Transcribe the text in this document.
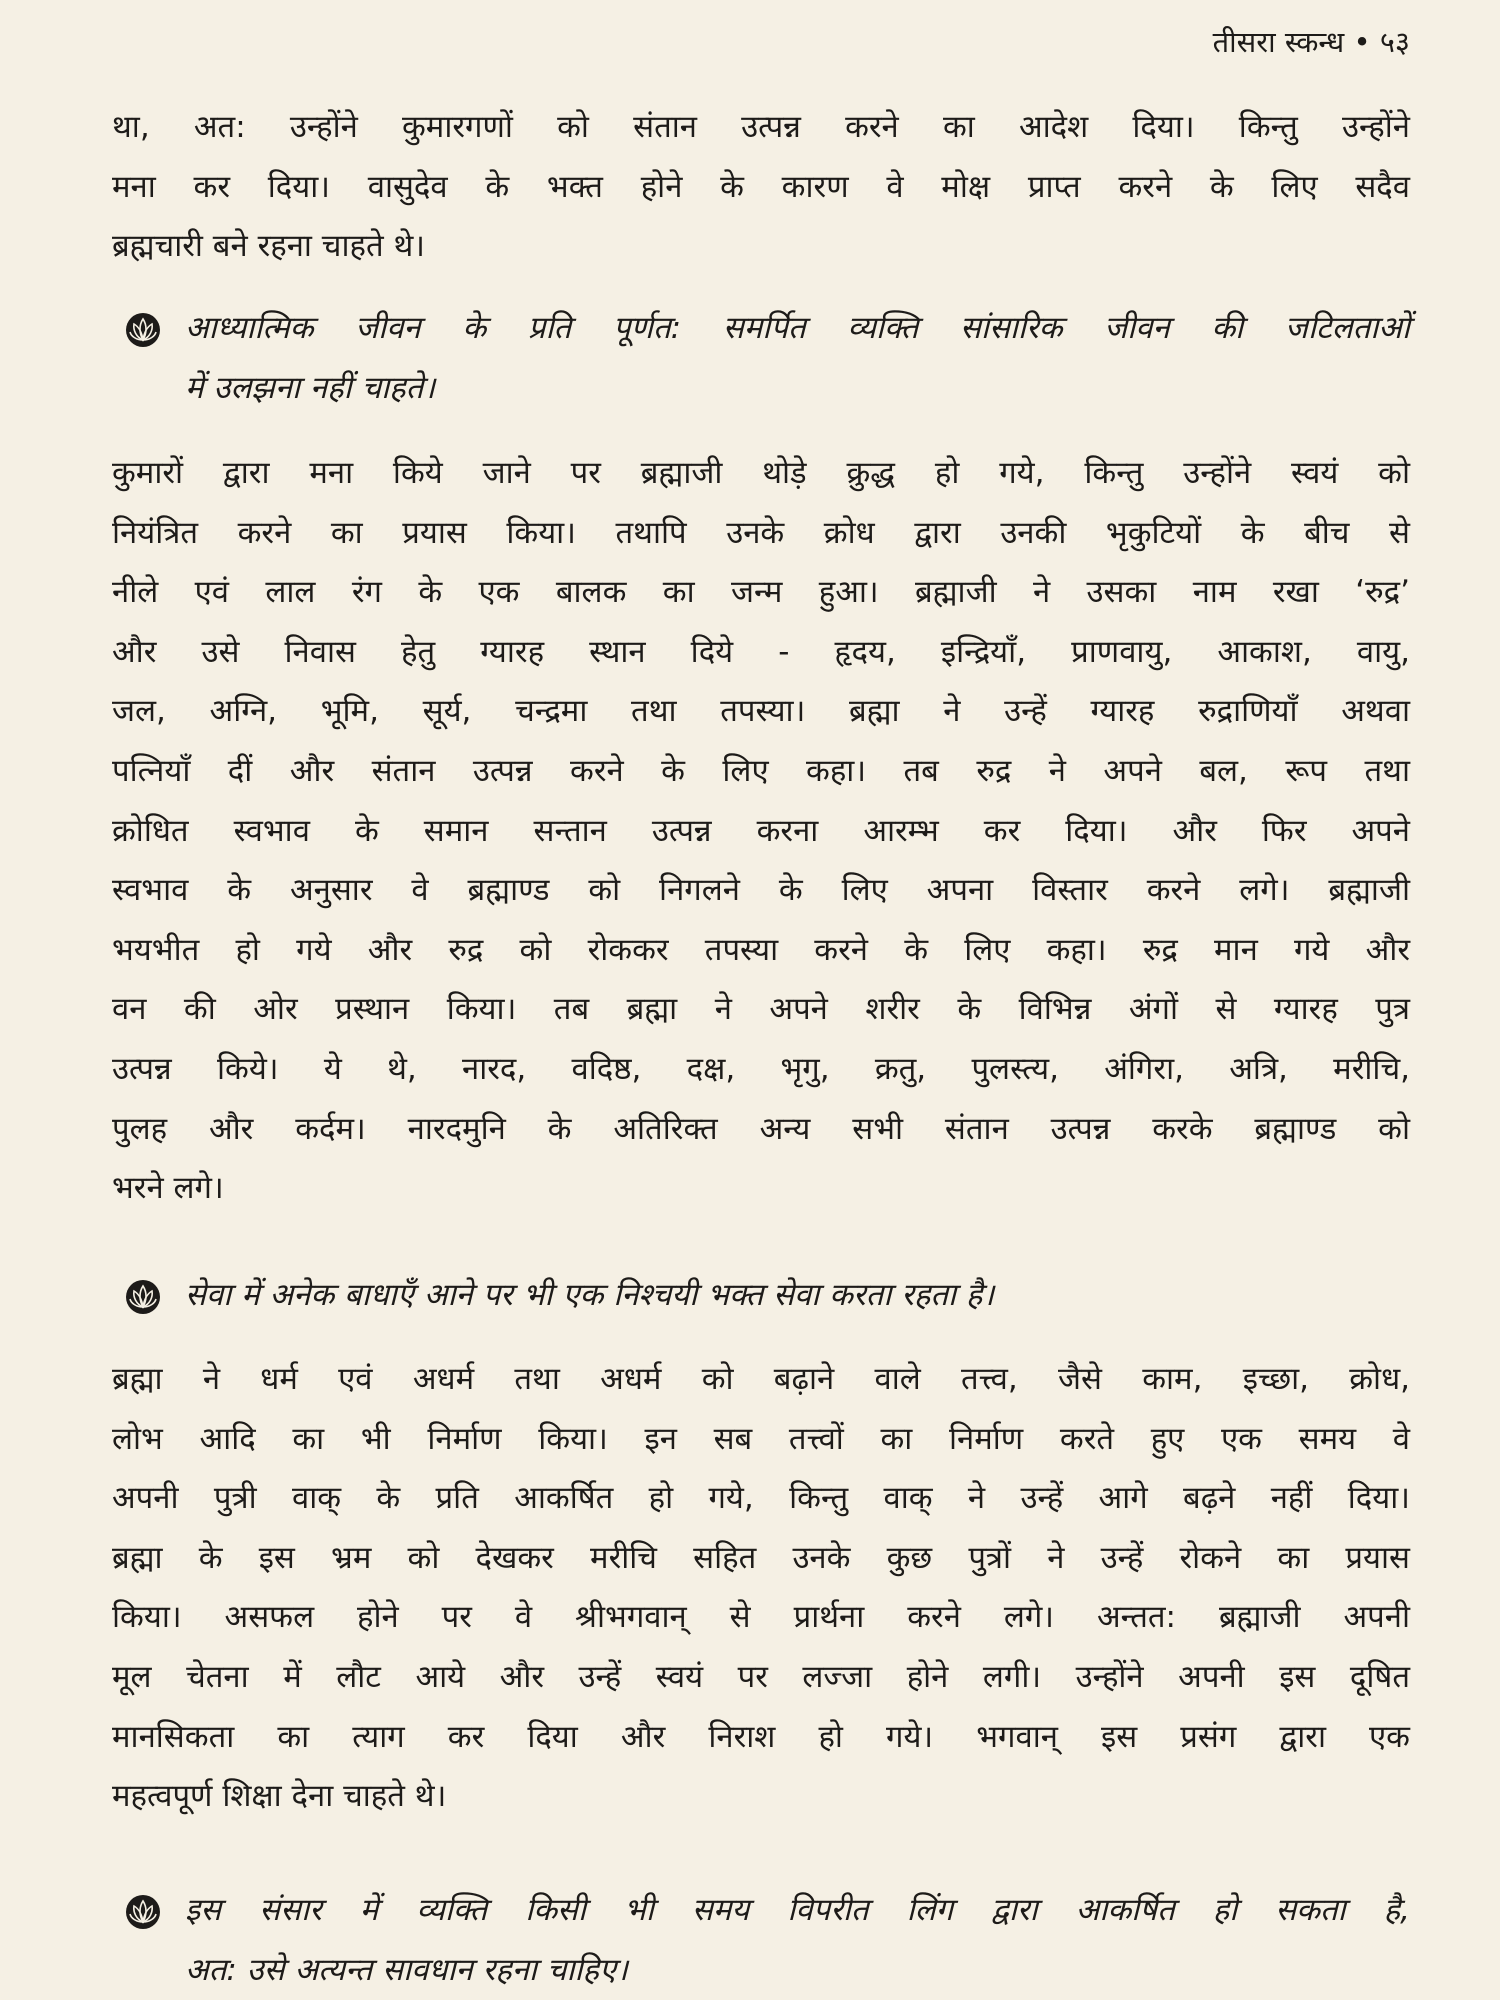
तीसरा स्कन्ध • ५३
था, अत: उन्होंने कुमारगणों को संतान उत्पन्न करने का आदेश दिया। किन्तु उन्होंने
मना कर दिया। वासुदेव के भक्त होने के कारण वे मोक्ष प्राप्त करने के लिए सदैव
ब्रह्मचारी बने रहना चाहते थे।
आध्यात्मिक जीवन के प्रति पूर्णत: समर्पित व्यक्ति सांसारिक जीवन की जटिलताओं
में उलझना नहीं चाहते।
कुमारों द्वारा मना किये जाने पर ब्रह्माजी थोड़े क्रुद्ध हो गये, किन्तु उन्होंने स्वयं को
नियंत्रित करने का प्रयास किया। तथापि उनके क्रोध द्वारा उनकी भृकुटियों के बीच से
नीले एवं लाल रंग के एक बालक का जन्म हुआ। ब्रह्माजी ने उसका नाम रखा ‘रुद्र’
और उसे निवास हेतु ग्यारह स्थान दिये - हृदय, इन्द्रियाँ, प्राणवायु, आकाश, वायु,
जल, अग्नि, भूमि, सूर्य, चन्द्रमा तथा तपस्या। ब्रह्मा ने उन्हें ग्यारह रुद्राणियाँ अथवा
पत्नियाँ दीं और संतान उत्पन्न करने के लिए कहा। तब रुद्र ने अपने बल, रूप तथा
क्रोधित स्वभाव के समान सन्तान उत्पन्न करना आरम्भ कर दिया। और फिर अपने
स्वभाव के अनुसार वे ब्रह्माण्ड को निगलने के लिए अपना विस्तार करने लगे। ब्रह्माजी
भयभीत हो गये और रुद्र को रोककर तपस्या करने के लिए कहा। रुद्र मान गये और
वन की ओर प्रस्थान किया। तब ब्रह्मा ने अपने शरीर के विभिन्न अंगों से ग्यारह पुत्र
उत्पन्न किये। ये थे, नारद, वदिष्ठ, दक्ष, भृगु, क्रतु, पुलस्त्य, अंगिरा, अत्रि, मरीचि,
पुलह और कर्दम। नारदमुनि के अतिरिक्त अन्य सभी संतान उत्पन्न करके ब्रह्माण्ड को
भरने लगे।
सेवा में अनेक बाधाएँ आने पर भी एक निश्चयी भक्त सेवा करता रहता है।
ब्रह्मा ने धर्म एवं अधर्म तथा अधर्म को बढ़ाने वाले तत्त्व, जैसे काम, इच्छा, क्रोध,
लोभ आदि का भी निर्माण किया। इन सब तत्त्वों का निर्माण करते हुए एक समय वे
अपनी पुत्री वाक् के प्रति आकर्षित हो गये, किन्तु वाक् ने उन्हें आगे बढ़ने नहीं दिया।
ब्रह्मा के इस भ्रम को देखकर मरीचि सहित उनके कुछ पुत्रों ने उन्हें रोकने का प्रयास
किया। असफल होने पर वे श्रीभगवान् से प्रार्थना करने लगे। अन्तत: ब्रह्माजी अपनी
मूल चेतना में लौट आये और उन्हें स्वयं पर लज्जा होने लगी। उन्होंने अपनी इस दूषित
मानसिकता का त्याग कर दिया और निराश हो गये। भगवान् इस प्रसंग द्वारा एक
महत्वपूर्ण शिक्षा देना चाहते थे।
इस संसार में व्यक्ति किसी भी समय विपरीत लिंग द्वारा आकर्षित हो सकता है,
अत: उसे अत्यन्त सावधान रहना चाहिए।
